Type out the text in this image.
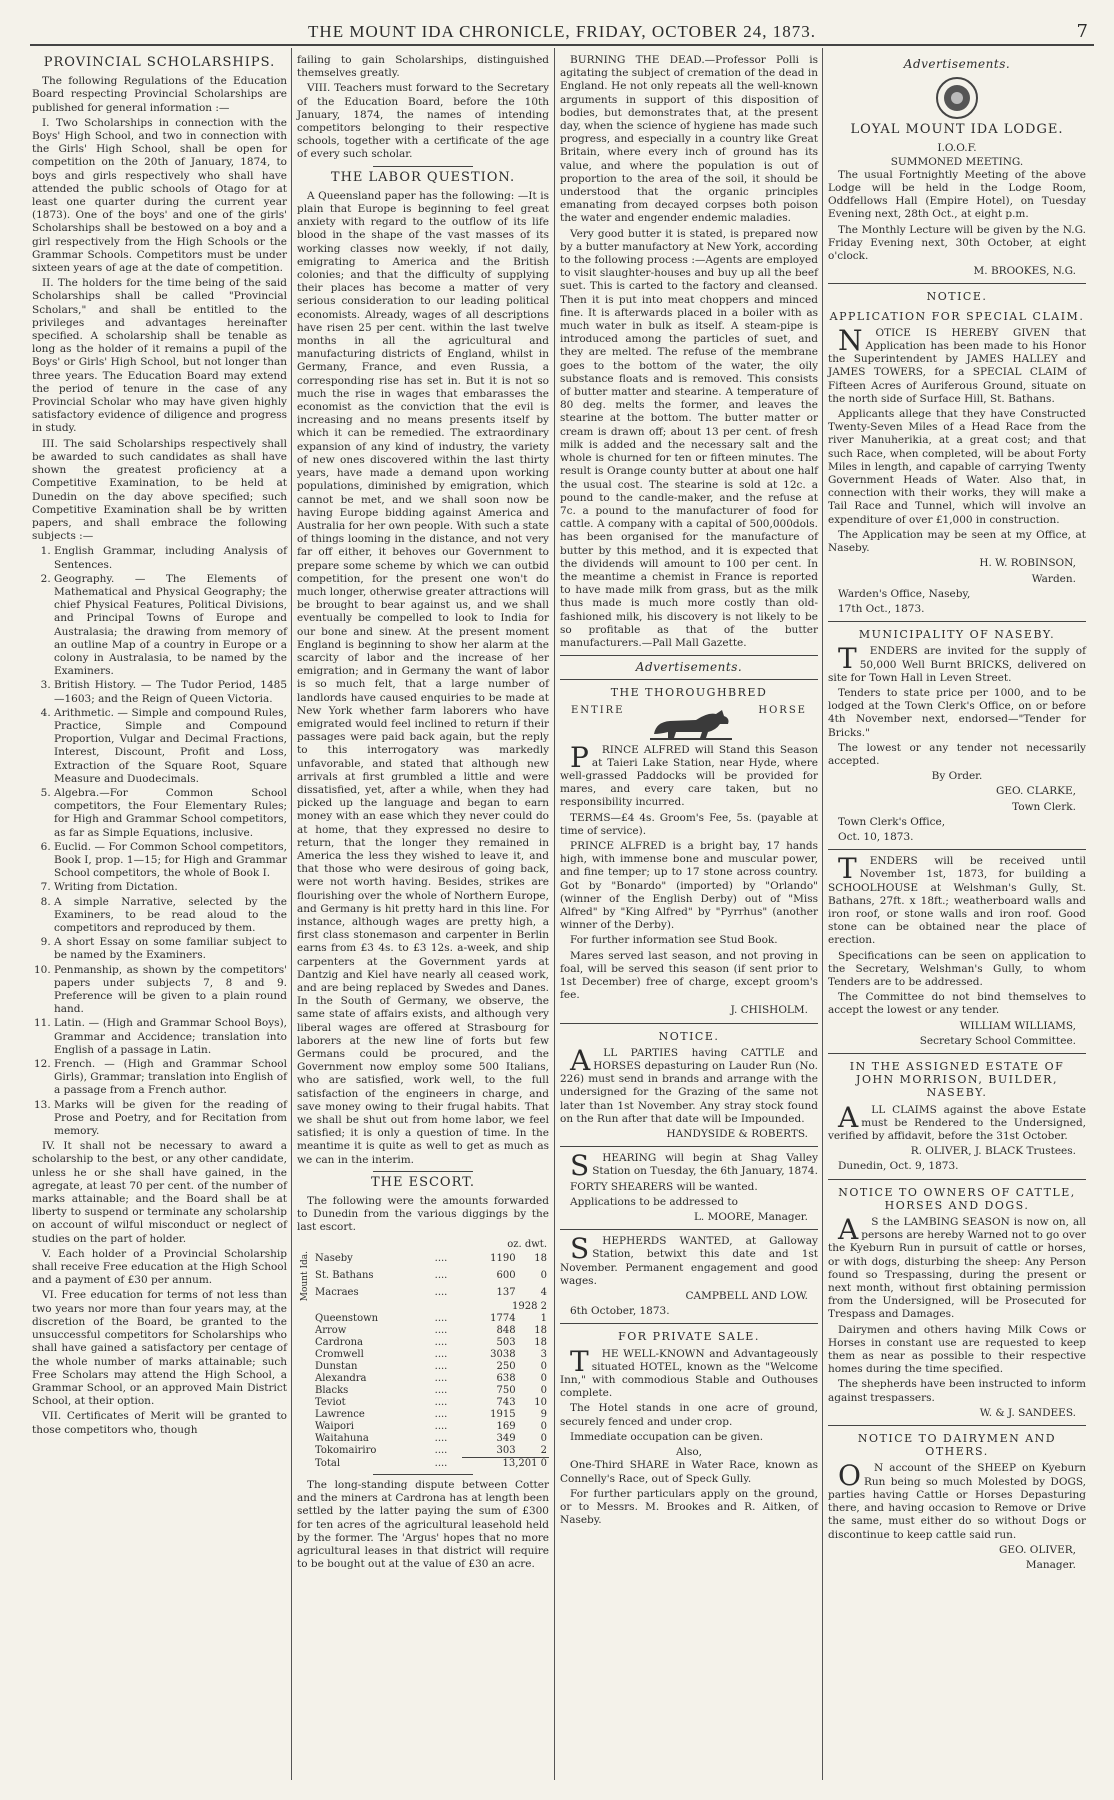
THE MOUNT IDA CHRONICLE, FRIDAY, OCTOBER 24, 1873.	7
PROVINCIAL SCHOLARSHIPS.

The following Regulations of the Education Board respecting Provincial Scholarships are published for general information :—

I. Two Scholarships in connection with the Boys' High School, and two in connection with the Girls' High School, shall be open for competition on the 20th of January, 1874, to boys and girls respectively who shall have attended the public schools of Otago for at least one quarter during the current year (1873). One of the boys' and one of the girls' Scholarships shall be bestowed on a boy and a girl respectively from the High Schools or the Grammar Schools. Competitors must be under sixteen years of age at the date of competition.

II. The holders for the time being of the said Scholarships shall be called "Provincial Scholars," and shall be entitled to the privileges and advantages hereinafter specified. A scholarship shall be tenable as long as the holder of it remains a pupil of the Boys' or Girls' High School, but not longer than three years. The Education Board may extend the period of tenure in the case of any Provincial Scholar who may have given highly satisfactory evidence of diligence and progress in study.

III. The said Scholarships respectively shall be awarded to such candidates as shall have shown the greatest proficiency at a Competitive Examination, to be held at Dunedin on the day above specified; such Competitive Examination shall be by written papers, and shall embrace the following subjects :—

1. English Grammar, including Analysis of Sentences.
2. Geography. — The Elements of Mathematical and Physical Geography; the chief Physical Features, Political Divisions, and Principal Towns of Europe and Australasia; the drawing from memory of an outline Map of a country in Europe or a colony in Australasia, to be named by the Examiners.
3. British History. — The Tudor Period, 1485—1603; and the Reign of Queen Victoria.
4. Arithmetic. — Simple and compound Rules, Practice, Simple and Compound Proportion, Vulgar and Decimal Fractions, Interest, Discount, Profit and Loss, Extraction of the Square Root, Square Measure and Duodecimals.
5. Algebra.—For Common School competitors, the Four Elementary Rules; for High and Grammar School competitors, as far as Simple Equations, inclusive.
6. Euclid. — For Common School competitors, Book I, prop. 1—15; for High and Grammar School competitors, the whole of Book I.
7. Writing from Dictation.
8. A simple Narrative, selected by the Examiners, to be read aloud to the competitors and reproduced by them.
9. A short Essay on some familiar subject to be named by the Examiners.
10. Penmanship, as shown by the competitors' papers under subjects 7, 8 and 9. Preference will be given to a plain round hand.
11. Latin. — (High and Grammar School Boys), Grammar and Accidence; translation into English of a passage in Latin.
12. French. — (High and Grammar School Girls), Grammar; translation into English of a passage from a French author.
13. Marks will be given for the reading of Prose and Poetry, and for Recitation from memory.

IV. It shall not be necessary to award a scholarship to the best, or any other candidate, unless he or she shall have gained, in the agregate, at least 70 per cent. of the number of marks attainable; and the Board shall be at liberty to suspend or terminate any scholarship on account of wilful misconduct or neglect of studies on the part of holder.

V. Each holder of a Provincial Scholarship shall receive Free education at the High School and a payment of £30 per annum.

VI. Free education for terms of not less than two years nor more than four years may, at the discretion of the Board, be granted to the unsuccessful competitors for Scholarships who shall have gained a satisfactory per centage of the whole number of marks attainable; such Free Scholars may attend the High School, a Grammar School, or an approved Main District School, at their option.

VII. Certificates of Merit will be granted to those competitors who, though

failing to gain Scholarships, distinguished themselves greatly.

VIII. Teachers must forward to the Secretary of the Education Board, before the 10th January, 1874, the names of intending competitors belonging to their respective schools, together with a certificate of the age of every such scholar.

THE LABOR QUESTION.

A Queensland paper has the following: —It is plain that Europe is beginning to feel great anxiety with regard to the outflow of its life blood in the shape of the vast masses of its working classes now weekly, if not daily, emigrating to America and the British colonies; and that the difficulty of supplying their places has become a matter of very serious consideration to our leading political economists. Already, wages of all descriptions have risen 25 per cent. within the last twelve months in all the agricultural and manufacturing districts of England, whilst in Germany, France, and even Russia, a corresponding rise has set in. But it is not so much the rise in wages that embarasses the economist as the conviction that the evil is increasing and no means presents itself by which it can be remedied. The extraordinary expansion of any kind of industry, the variety of new ones discovered within the last thirty years, have made a demand upon working populations, diminished by emigration, which cannot be met, and we shall soon now be having Europe bidding against America and Australia for her own people. With such a state of things looming in the distance, and not very far off either, it behoves our Government to prepare some scheme by which we can outbid competition, for the present one won't do much longer, otherwise greater attractions will be brought to bear against us, and we shall eventually be compelled to look to India for our bone and sinew. At the present moment England is beginning to show her alarm at the scarcity of labor and the increase of her emigration; and in Germany the want of labor is so much felt, that a large number of landlords have caused enquiries to be made at New York whether farm laborers who have emigrated would feel inclined to return if their passages were paid back again, but the reply to this interrogatory was markedly unfavorable, and stated that although new arrivals at first grumbled a little and were dissatisfied, yet, after a while, when they had picked up the language and began to earn money with an ease which they never could do at home, that they expressed no desire to return, that the longer they remained in America the less they wished to leave it, and that those who were desirous of going back, were not worth having. Besides, strikes are flourishing over the whole of Northern Europe, and Germany is hit pretty hard in this line. For instance, although wages are pretty high, a first class stonemason and carpenter in Berlin earns from £3 4s. to £3 12s. a-week, and ship carpenters at the Government yards at Dantzig and Kiel have nearly all ceased work, and are being replaced by Swedes and Danes. In the South of Germany, we observe, the same state of affairs exists, and although very liberal wages are offered at Strasbourg for laborers at the new line of forts but few Germans could be procured, and the Government now employ some 500 Italians, who are satisfied, work well, to the full satisfaction of the engineers in charge, and save money owing to their frugal habits. That we shall be shut out from home labor, we feel satisfied; it is only a question of time. In the meantime it is quite as well to get as much as we can in the interim.

THE ESCORT.

The following were the amounts forwarded to Dunedin from the various diggings by the last escort.

			oz. dwt.	
Mount Ida.	Naseby	....	1190	18
	St. Bathans	....	600	0
	Macraes	....	137	4
			1928 2	
	Queenstown	....	1774	1
	Arrow	....	848	18
	Cardrona	....	503	18
	Cromwell	....	3038	3
	Dunstan	....	250	0
	Alexandra	....	638	0
	Blacks	....	750	0
	Teviot	....	743	10
	Lawrence	....	1915	9
	Waipori	....	169	0
	Waitahuna	....	349	0
	Tokomairiro	....	303	2
	Total	....	13,201 0	

The long-standing dispute between Cotter and the miners at Cardrona has at length been settled by the latter paying the sum of £300 for ten acres of the agricultural leasehold held by the former. The 'Argus' hopes that no more agricultural leases in that district will require to be bought out at the value of £30 an acre.

BURNING THE DEAD.—Professor Polli is agitating the subject of cremation of the dead in England. He not only repeats all the well-known arguments in support of this disposition of bodies, but demonstrates that, at the present day, when the science of hygiene has made such progress, and especially in a country like Great Britain, where every inch of ground has its value, and where the population is out of proportion to the area of the soil, it should be understood that the organic principles emanating from decayed corpses both poison the water and engender endemic maladies.

Very good butter it is stated, is prepared now by a butter manufactory at New York, according to the following process :—Agents are employed to visit slaughter-houses and buy up all the beef suet. This is carted to the factory and cleansed. Then it is put into meat choppers and minced fine. It is afterwards placed in a boiler with as much water in bulk as itself. A steam-pipe is introduced among the particles of suet, and they are melted. The refuse of the membrane goes to the bottom of the water, the oily substance floats and is removed. This consists of butter matter and stearine. A temperature of 80 deg. melts the former, and leaves the stearine at the bottom. The butter matter or cream is drawn off; about 13 per cent. of fresh milk is added and the necessary salt and the whole is churned for ten or fifteen minutes. The result is Orange county butter at about one half the usual cost. The stearine is sold at 12c. a pound to the candle-maker, and the refuse at 7c. a pound to the manufacturer of food for cattle. A company with a capital of 500,000dols. has been organised for the manufacture of butter by this method, and it is expected that the dividends will amount to 100 per cent. In the meantime a chemist in France is reported to have made milk from grass, but as the milk thus made is much more costly than old-fashioned milk, his discovery is not likely to be so profitable as that of the butter manufacturers.—Pall Mall Gazette.

Advertisements.
THE THOROUGHBRED
ENTIRE	HORSE

PRINCE ALFRED will Stand this Season at Taieri Lake Station, near Hyde, where well-grassed Paddocks will be provided for mares, and every care taken, but no responsibility incurred.

TERMS—£4 4s. Groom's Fee, 5s. (payable at time of service).

PRINCE ALFRED is a bright bay, 17 hands high, with immense bone and muscular power, and fine temper; up to 17 stone across country. Got by "Bonardo" (imported) by "Orlando" (winner of the English Derby) out of "Miss Alfred" by "King Alfred" by "Pyrrhus" (another winner of the Derby).

For further information see Stud Book.

Mares served last season, and not proving in foal, will be served this season (if sent prior to 1st December) free of charge, except groom's fee.

J. CHISHOLM.
NOTICE.

ALL PARTIES having CATTLE and HORSES depasturing on Lauder Run (No. 226) must send in brands and arrange with the undersigned for the Grazing of the same not later than 1st November. Any stray stock found on the Run after that date will be Impounded.

HANDYSIDE & ROBERTS.

SHEARING will begin at Shag Valley Station on Tuesday, the 6th January, 1874.

FORTY SHEARERS will be wanted.

Applications to be addressed to

L. MOORE, Manager.

SHEPHERDS WANTED, at Galloway Station, betwixt this date and 1st November. Permanent engagement and good wages.

CAMPBELL AND LOW.

6th October, 1873.

FOR PRIVATE SALE.

THE WELL-KNOWN and Advantageously situated HOTEL, known as the "Welcome Inn," with commodious Stable and Outhouses complete.

The Hotel stands in one acre of ground, securely fenced and under crop.

Immediate occupation can be given.

Also,

One-Third SHARE in Water Race, known as Connelly's Race, out of Speck Gully.

For further particulars apply on the ground, or to Messrs. M. Brookes and R. Aitken, of Naseby.

Advertisements.
LOYAL MOUNT IDA LODGE.
I.O.O.F.
SUMMONED MEETING.

The usual Fortnightly Meeting of the above Lodge will be held in the Lodge Room, Oddfellows Hall (Empire Hotel), on Tuesday Evening next, 28th Oct., at eight p.m.

The Monthly Lecture will be given by the N.G. Friday Evening next, 30th October, at eight o'clock.

M. BROOKES, N.G.
NOTICE.
APPLICATION FOR SPECIAL CLAIM.

NOTICE IS HEREBY GIVEN that Application has been made to his Honor the Superintendent by JAMES HALLEY and JAMES TOWERS, for a SPECIAL CLAIM of Fifteen Acres of Auriferous Ground, situate on the north side of Surface Hill, St. Bathans.

Applicants allege that they have Constructed Twenty-Seven Miles of a Head Race from the river Manuherikia, at a great cost; and that such Race, when completed, will be about Forty Miles in length, and capable of carrying Twenty Government Heads of Water. Also that, in connection with their works, they will make a Tail Race and Tunnel, which will involve an expenditure of over £1,000 in construction.

The Application may be seen at my Office, at Naseby.

H. W. ROBINSON,
Warden.

Warden's Office, Naseby,

17th Oct., 1873.

MUNICIPALITY OF NASEBY.

TENDERS are invited for the supply of 50,000 Well Burnt BRICKS, delivered on site for Town Hall in Leven Street.

Tenders to state price per 1000, and to be lodged at the Town Clerk's Office, on or before 4th November next, endorsed—"Tender for Bricks."

The lowest or any tender not necessarily accepted.

By Order.
GEO. CLARKE,
Town Clerk.

Town Clerk's Office,

Oct. 10, 1873.

TENDERS will be received until November 1st, 1873, for building a SCHOOLHOUSE at Welshman's Gully, St. Bathans, 27ft. x 18ft.; weatherboard walls and iron roof, or stone walls and iron roof. Good stone can be obtained near the place of erection.

Specifications can be seen on application to the Secretary, Welshman's Gully, to whom Tenders are to be addressed.

The Committee do not bind themselves to accept the lowest or any tender.

WILLIAM WILLIAMS,
Secretary School Committee.
IN THE ASSIGNED ESTATE OF JOHN MORRISON, BUILDER, NASEBY.

ALL CLAIMS against the above Estate must be Rendered to the Undersigned, verified by affidavit, before the 31st October.

R. OLIVER, J. BLACK Trustees.

Dunedin, Oct. 9, 1873.

NOTICE TO OWNERS OF CATTLE, HORSES AND DOGS.

AS the LAMBING SEASON is now on, all persons are hereby Warned not to go over the Kyeburn Run in pursuit of cattle or horses, or with dogs, disturbing the sheep: Any Person found so Trespassing, during the present or next month, without first obtaining permission from the Undersigned, will be Prosecuted for Trespass and Damages.

Dairymen and others having Milk Cows or Horses in constant use are requested to keep them as near as possible to their respective homes during the time specified.

The shepherds have been instructed to inform against trespassers.

W. & J. SANDEES.
NOTICE TO DAIRYMEN AND OTHERS.

ON account of the SHEEP on Kyeburn Run being so much Molested by DOGS, parties having Cattle or Horses Depasturing there, and having occasion to Remove or Drive the same, must either do so without Dogs or discontinue to keep cattle said run.

GEO. OLIVER,
Manager.
